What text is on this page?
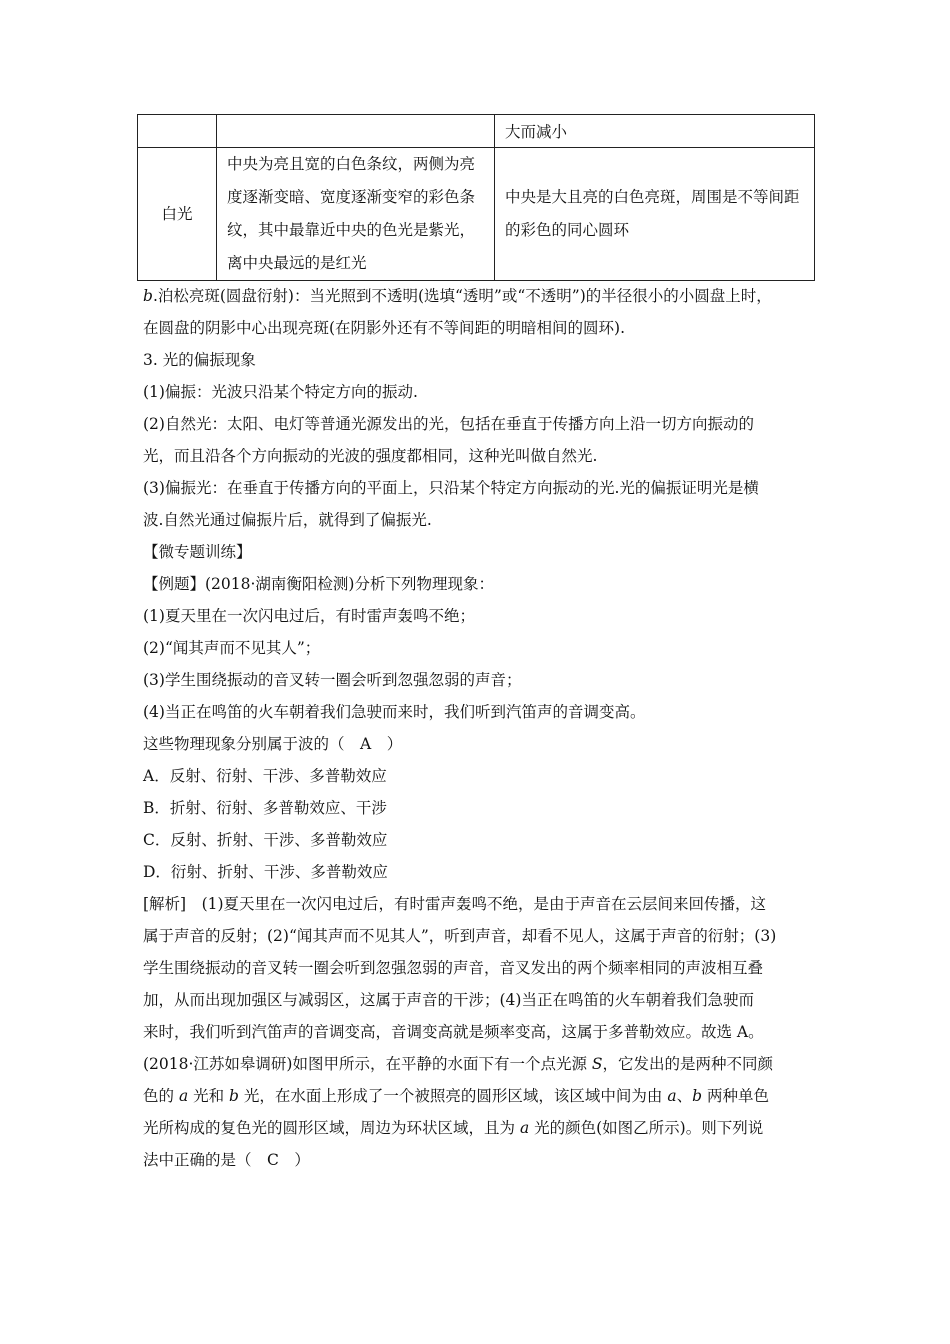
		大而减小
白光	中央为亮且宽的白色条纹，两侧为亮度逐渐变暗、宽度逐渐变窄的彩色条纹，其中最靠近中央的色光是紫光，离中央最远的是红光	中央是大且亮的白色亮斑，周围是不等间距的彩色的同心圆环
b.泊松亮斑(圆盘衍射)：当光照到不透明(选填“透明”或“不透明”)的半径很小的小圆盘上时，
在圆盘的阴影中心出现亮斑(在阴影外还有不等间距的明暗相间的圆环).
3. 光的偏振现象
(1)偏振：光波只沿某个特定方向的振动.
(2)自然光：太阳、电灯等普通光源发出的光，包括在垂直于传播方向上沿一切方向振动的
光，而且沿各个方向振动的光波的强度都相同，这种光叫做自然光.
(3)偏振光：在垂直于传播方向的平面上，只沿某个特定方向振动的光.光的偏振证明光是横
波.自然光通过偏振片后，就得到了偏振光.
【微专题训练】
【例题】(2018·湖南衡阳检测)分析下列物理现象：
(1)夏天里在一次闪电过后，有时雷声轰鸣不绝；
(2)“闻其声而不见其人”；
(3)学生围绕振动的音叉转一圈会听到忽强忽弱的声音；
(4)当正在鸣笛的火车朝着我们急驶而来时，我们听到汽笛声的音调变高。
这些物理现象分别属于波的（　A　）
A．反射、衍射、干涉、多普勒效应
B．折射、衍射、多普勒效应、干涉
C．反射、折射、干涉、多普勒效应
D．衍射、折射、干涉、多普勒效应
[解析]　(1)夏天里在一次闪电过后，有时雷声轰鸣不绝，是由于声音在云层间来回传播，这
属于声音的反射；(2)“闻其声而不见其人”，听到声音，却看不见人，这属于声音的衍射；(3)
学生围绕振动的音叉转一圈会听到忽强忽弱的声音，音叉发出的两个频率相同的声波相互叠
加，从而出现加强区与减弱区，这属于声音的干涉；(4)当正在鸣笛的火车朝着我们急驶而
来时，我们听到汽笛声的音调变高，音调变高就是频率变高，这属于多普勒效应。故选 A。
(2018·江苏如皋调研)如图甲所示，在平静的水面下有一个点光源 S，它发出的是两种不同颜
色的 a 光和 b 光，在水面上形成了一个被照亮的圆形区域，该区域中间为由 a、b 两种单色
光所构成的复色光的圆形区域，周边为环状区域，且为 a 光的颜色(如图乙所示)。则下列说
法中正确的是（　C　）
